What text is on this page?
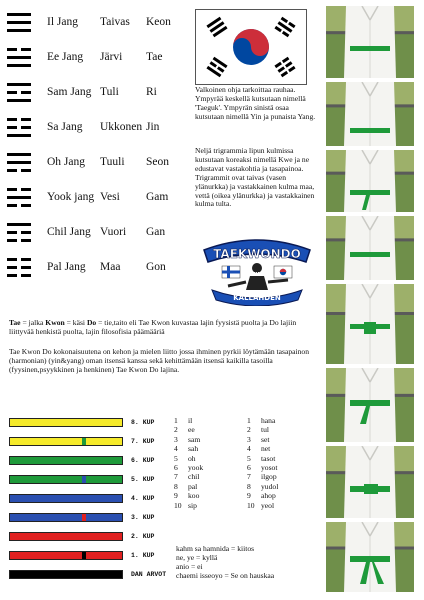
Il Jang Taivas Keon
Ee Jang Järvi Tae
Sam Jang Tuli Ri
Sa Jang Ukkonen Jin
Oh Jang Tuuli Seon
Yook jang Vesi Gam
Chil Jang Vuori Gan
Pal Jang Maa Gon
Valkoinen ohja tarkoittaa rauhaa. Ympyrää keskellä kutsutaan nimellä 'Taeguk'. Ympyrän sinistä osaa kutsutaan nimellä Yin ja punaista Yang.
Neljä trigrammia lipun kulmissa kutsutaan koreaksi nimellä Kwe ja ne edustavat vastakohtia ja tasapainoa. Trigrammit ovat taivas (vasen ylänurkka) ja vastakkainen kulma maa, vettä (oikea ylänurkka) ja vastakkainen kulma tulta.
TAEKWONDO
FIN
KALLAHDEN
Tae = jalka Kwon = käsi Do = tie,taito eli Tae Kwon kuvastaa lajin fyysistä puolta ja Do lajiin liittyvää henkistä puolta, lajin filosofisia päämääriä
Tae Kwon Do kokonaisuutena on kehon ja mielen liitto jossa ihminen pyrkii löytämään tasapainon (harmonian) (yin&yang) oman itsensä kanssa sekä kehittämään itsensä kaikilla tasoilla (fyysinen,psyykkinen ja henkinen) Tae Kwon Do lajina.
8. KUP
7. KUP
6. KUP
5. KUP
4. KUP
3. KUP
2. KUP
1. KUP
DAN ARVOT
1 il
2 ee
3 sam
4 sah
5 oh
6 yook
7 chil
8 pal
9 koo
10 sip
1 hana
2 tul
3 set
4 net
5 tasot
6 yosot
7 ilgop
8 yudol
9 ahop
10 yeol
kahm sa hamnida = kiitos
ne, ye = kyllä
anio = ei
chaemi isseoyo = Se on hauskaa
